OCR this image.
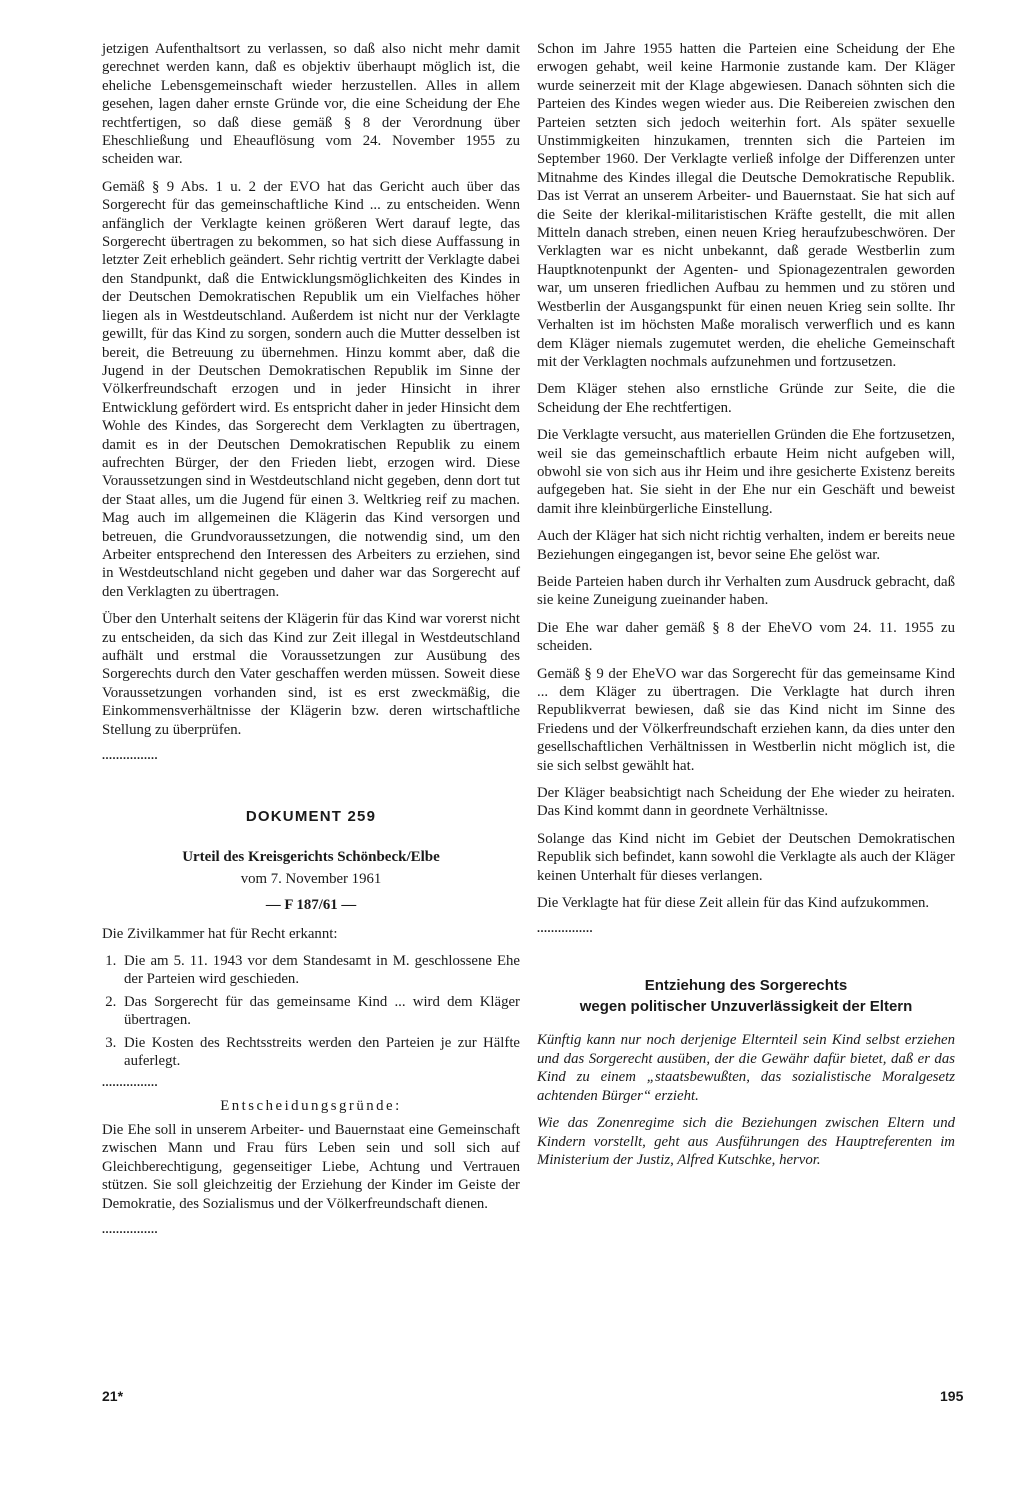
jetzigen Aufenthaltsort zu verlassen, so daß also nicht mehr damit gerechnet werden kann, daß es objektiv überhaupt möglich ist, die eheliche Lebensgemeinschaft wieder herzustellen. Alles in allem gesehen, lagen daher ernste Gründe vor, die eine Scheidung der Ehe rechtfertigen, so daß diese gemäß § 8 der Verordnung über Eheschließung und Eheauflösung vom 24. November 1955 zu scheiden war.

Gemäß § 9 Abs. 1 u. 2 der EVO hat das Gericht auch über das Sorgerecht für das gemeinschaftliche Kind ... zu entscheiden. Wenn anfänglich der Verklagte keinen größeren Wert darauf legte, das Sorgerecht übertragen zu bekommen, so hat sich diese Auffassung in letzter Zeit erheblich geändert. Sehr richtig vertritt der Verklagte dabei den Standpunkt, daß die Entwicklungsmöglichkeiten des Kindes in der Deutschen Demokratischen Republik um ein Vielfaches höher liegen als in Westdeutschland. Außerdem ist nicht nur der Verklagte gewillt, für das Kind zu sorgen, sondern auch die Mutter desselben ist bereit, die Betreuung zu übernehmen. Hinzu kommt aber, daß die Jugend in der Deutschen Demokratischen Republik im Sinne der Völkerfreundschaft erzogen und in jeder Hinsicht in ihrer Entwicklung gefördert wird. Es entspricht daher in jeder Hinsicht dem Wohle des Kindes, das Sorgerecht dem Verklagten zu übertragen, damit es in der Deutschen Demokratischen Republik zu einem aufrechten Bürger, der den Frieden liebt, erzogen wird. Diese Voraussetzungen sind in Westdeutschland nicht gegeben, denn dort tut der Staat alles, um die Jugend für einen 3. Weltkrieg reif zu machen. Mag auch im allgemeinen die Klägerin das Kind versorgen und betreuen, die Grundvoraussetzungen, die notwendig sind, um den Arbeiter entsprechend den Interessen des Arbeiters zu erziehen, sind in Westdeutschland nicht gegeben und daher war das Sorgerecht auf den Verklagten zu übertragen.

Über den Unterhalt seitens der Klägerin für das Kind war vorerst nicht zu entscheiden, da sich das Kind zur Zeit illegal in Westdeutschland aufhält und erstmal die Voraussetzungen zur Ausübung des Sorgerechts durch den Vater geschaffen werden müssen. Soweit diese Voraussetzungen vorhanden sind, ist es erst zweckmäßig, die Einkommensverhältnisse der Klägerin bzw. deren wirtschaftliche Stellung zu überprüfen.

................
DOKUMENT 259
Urteil des Kreisgerichts Schönbeck/Elbe
vom 7. November 1961
— F 187/61 —

Die Zivilkammer hat für Recht erkannt:

1. Die am 5. 11. 1943 vor dem Standesamt in M. geschlossene Ehe der Parteien wird geschieden.
2. Das Sorgerecht für das gemeinsame Kind ... wird dem Kläger übertragen.
3. Die Kosten des Rechtsstreits werden den Parteien je zur Hälfte auferlegt.
................
Entscheidungsgründe:

Die Ehe soll in unserem Arbeiter- und Bauernstaat eine Gemeinschaft zwischen Mann und Frau fürs Leben sein und soll sich auf Gleichberechtigung, gegenseitiger Liebe, Achtung und Vertrauen stützen. Sie soll gleichzeitig der Erziehung der Kinder im Geiste der Demokratie, des Sozialismus und der Völkerfreundschaft dienen.

................

Schon im Jahre 1955 hatten die Parteien eine Scheidung der Ehe erwogen gehabt, weil keine Harmonie zustande kam. Der Kläger wurde seinerzeit mit der Klage abgewiesen. Danach söhnten sich die Parteien des Kindes wegen wieder aus. Die Reibereien zwischen den Parteien setzten sich jedoch weiterhin fort. Als später sexuelle Unstimmigkeiten hinzukamen, trennten sich die Parteien im September 1960. Der Verklagte verließ infolge der Differenzen unter Mitnahme des Kindes illegal die Deutsche Demokratische Republik. Das ist Verrat an unserem Arbeiter- und Bauernstaat. Sie hat sich auf die Seite der klerikal-militaristischen Kräfte gestellt, die mit allen Mitteln danach streben, einen neuen Krieg heraufzubeschwören. Der Verklagten war es nicht unbekannt, daß gerade Westberlin zum Hauptknotenpunkt der Agenten- und Spionagezentralen geworden war, um unseren friedlichen Aufbau zu hemmen und zu stören und Westberlin der Ausgangspunkt für einen neuen Krieg sein sollte. Ihr Verhalten ist im höchsten Maße moralisch verwerflich und es kann dem Kläger niemals zugemutet werden, die eheliche Gemeinschaft mit der Verklagten nochmals aufzunehmen und fortzusetzen.

Dem Kläger stehen also ernstliche Gründe zur Seite, die die Scheidung der Ehe rechtfertigen.

Die Verklagte versucht, aus materiellen Gründen die Ehe fortzusetzen, weil sie das gemeinschaftlich erbaute Heim nicht aufgeben will, obwohl sie von sich aus ihr Heim und ihre gesicherte Existenz bereits aufgegeben hat. Sie sieht in der Ehe nur ein Geschäft und beweist damit ihre kleinbürgerliche Einstellung.

Auch der Kläger hat sich nicht richtig verhalten, indem er bereits neue Beziehungen eingegangen ist, bevor seine Ehe gelöst war.

Beide Parteien haben durch ihr Verhalten zum Ausdruck gebracht, daß sie keine Zuneigung zueinander haben.

Die Ehe war daher gemäß § 8 der EheVO vom 24. 11. 1955 zu scheiden.

Gemäß § 9 der EheVO war das Sorgerecht für das gemeinsame Kind ... dem Kläger zu übertragen. Die Verklagte hat durch ihren Republikverrat bewiesen, daß sie das Kind nicht im Sinne des Friedens und der Völkerfreundschaft erziehen kann, da dies unter den gesellschaftlichen Verhältnissen in Westberlin nicht möglich ist, die sie sich selbst gewählt hat.

Der Kläger beabsichtigt nach Scheidung der Ehe wieder zu heiraten. Das Kind kommt dann in geordnete Verhältnisse.

Solange das Kind nicht im Gebiet der Deutschen Demokratischen Republik sich befindet, kann sowohl die Verklagte als auch der Kläger keinen Unterhalt für dieses verlangen.

Die Verklagte hat für diese Zeit allein für das Kind aufzukommen.

................
Entziehung des Sorgerechts
wegen politischer Unzuverlässigkeit der Eltern

Künftig kann nur noch derjenige Elternteil sein Kind selbst erziehen und das Sorgerecht ausüben, der die Gewähr dafür bietet, daß er das Kind zu einem „staatsbewußten, das sozialistische Moralgesetz achtenden Bürger“ erzieht.

Wie das Zonenregime sich die Beziehungen zwischen Eltern und Kindern vorstellt, geht aus Ausführungen des Hauptreferenten im Ministerium der Justiz, Alfred Kutschke, hervor.

21*	195
